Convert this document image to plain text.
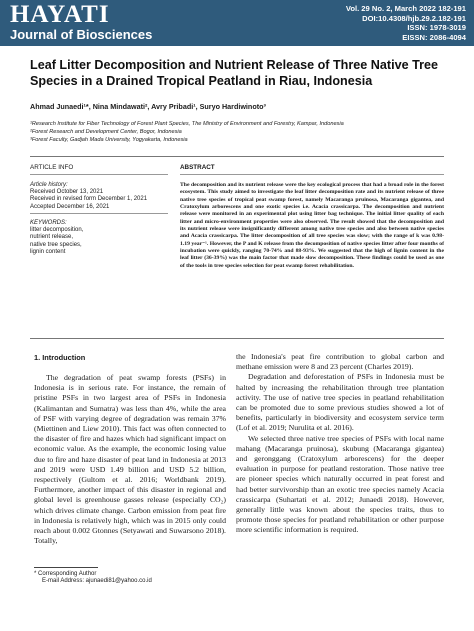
HAYATI
Journal of Biosciences
Vol. 29 No. 2, March 2022 182-191
DOI:10.4308/hjb.29.2.182-191
ISSN: 1978-3019
EISSN: 2086-4094
Leaf Litter Decomposition and Nutrient Release of Three Native Tree Species in a Drained Tropical Peatland in Riau, Indonesia
Ahmad Junaedi¹*, Nina Mindawati², Avry Pribadi¹, Suryo Hardiwinoto³
¹Research Institute for Fiber Technology of Forest Plant Species, The Ministry of Environment and Forestry, Kampar, Indonesia
²Forest Research and Development Center, Bogor, Indonesia
³Forest Faculty, Gadjah Mada University, Yogyakarta, Indonesia
ARTICLE INFO
Article history:
Received October 13, 2021
Received in revised form December 1, 2021
Accepted December 16, 2021
KEYWORDS:
litter decomposition,
nutrient release,
native tree species,
lignin content
ABSTRACT
The decomposition and its nutrient release were the key ecological process that had a broad role in the forest ecosystem. This study aimed to investigate the leaf litter decomposition rate and its nutrient release of three native tree species of tropical peat swamp forest, namely Macaranga pruinosa, Macaranga gigantea, and Cratoxylum arborescens and one exotic species i.e. Acacia crassicarpa. The decomposition and nutrient release were monitored in an experimental plot using litter bag technique. The initial litter quality of each litter and micro-environment properties were also observed. The result showed that the decomposition and its nutrient release were insignificantly different among native tree species and also between native species and Acacia crassicarpa. The litter decomposition of all tree species was slow; with the range of k was 0.98-1.19 year⁻¹. However, the P and K release from the decomposition of native species litter after four months of incubation were quickly, ranging 70-74% and 88-93%. We suggested that the high of lignin content in the leaf litter (36-39%) was the main factor that made slow decomposition. These findings could be used as one of the tools in tree species selection for peat swamp forest rehabilitation.
1. Introduction

The degradation of peat swamp forests (PSFs) in Indonesia is in serious rate. For instance, the remain of pristine PSFs in two largest area of PSFs in Indonesia (Kalimantan and Sumatra) was less than 4%, while the area of PSF with varying degree of degradation was remain 37% (Miettinen and Liew 2010). This fact was often connected to the disaster of fire and hazes which had significant impact on economic value. As the example, the economic losing value due to fire and haze disaster of peat land in Indonesia at 2013 and 2019 were USD 1.49 billion and USD 5.2 billion, respectively (Gultom et al. 2016; Worldbank 2019). Furthermore, another impact of this disaster in regional and global level is greenhouse gasses release (especially CO₂) which drives climate change. Carbon emission from peat fire in Indonesia is relatively high, which was in 2015 only could reach about 0.002 Gtonnes (Setyawati and Suwarsono 2018). Totally,

the Indonesia's peat fire contribution to global carbon and methane emission were 8 and 23 percent (Charles 2019).

Degradation and deforestation of PSFs in Indonesia must be halted by increasing the rehabilitation through tree plantation activity. The use of native tree species in peatland rehabilitation can be promoted due to some previous studies showed a lot of benefits, particularly in biodiversity and ecosystem service term (Lof et al. 2019; Nurulita et al. 2016).

We selected three native tree species of PSFs with local name mahang (Macaranga pruinosa), skubung (Macaranga gigantea) and geronggang (Cratoxylum arborescens) for the deeper evaluation in purpose for peatland restoration. Those native tree are pioneer species which naturally occurred in peat forest and had better survivorship than an exotic tree species namely Acacia crassicarpa (Suhartati et al. 2012; Junaedi 2018). However, generally little was known about the species traits, thus to promote those species for peatland rehabilitation or other purpose more scientific information is required.

* Corresponding Author
E-mail Address: ajunaedi81@yahoo.co.id
